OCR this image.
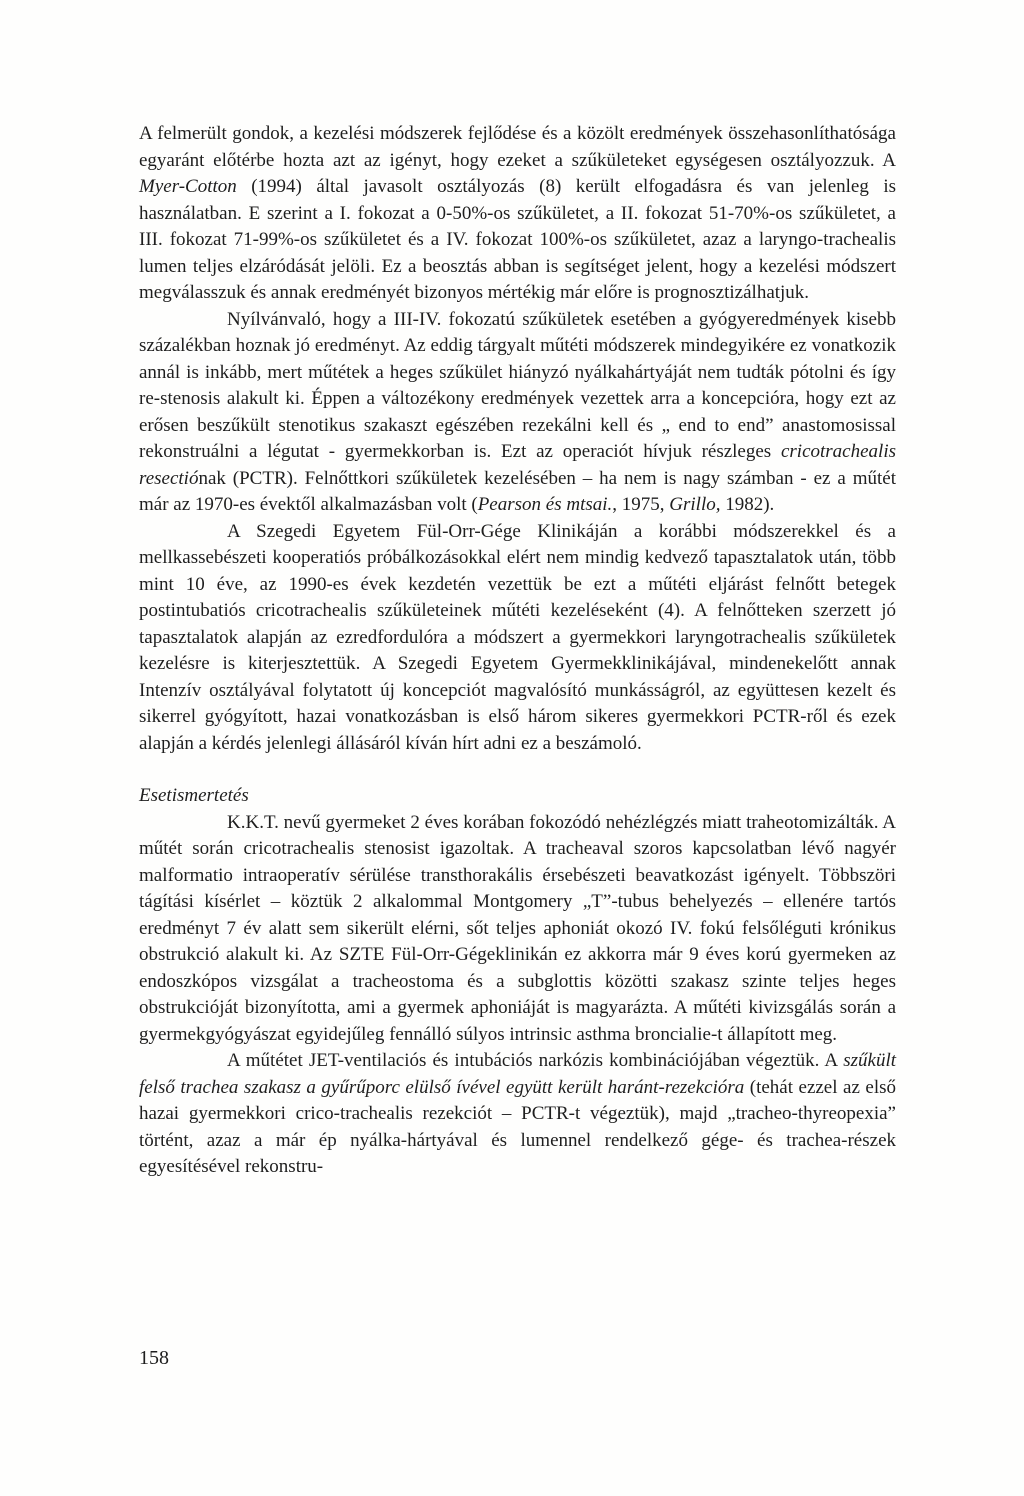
A felmerült gondok, a kezelési módszerek fejlődése és a közölt eredmények összehasonlíthatósága egyaránt előtérbe hozta azt az igényt, hogy ezeket a szűkületeket egységesen osztályozzuk. A Myer-Cotton (1994) által javasolt osztályozás (8) került elfogadásra és van jelenleg is használatban. E szerint a I. fokozat a 0-50%-os szűkületet, a II. fokozat 51-70%-os szűkületet, a III. fokozat 71-99%-os szűkületet és a IV. fokozat 100%-os szűkületet, azaz a laryngo-trachealis lumen teljes elzáródását jelöli. Ez a beosztás abban is segítséget jelent, hogy a kezelési módszert megválasszuk és annak eredményét bizonyos mértékig már előre is prognosztizálhatjuk.

Nyílvánvaló, hogy a III-IV. fokozatú szűkületek esetében a gyógyeredmények kisebb százalékban hoznak jó eredményt. Az eddig tárgyalt műtéti módszerek mindegyikére ez vonatkozik annál is inkább, mert műtétek a heges szűkület hiányzó nyálkahártyáját nem tudták pótolni és így re-stenosis alakult ki. Éppen a változékony eredmények vezettek arra a koncepcióra, hogy ezt az erősen beszűkült stenotikus szakaszt egészében rezekálni kell és „ end to end” anastomosissal rekonstruálni a légutat - gyermekkorban is. Ezt az operaciót hívjuk részleges cricotrachealis resectiónak (PCTR). Felnőttkori szűkületek kezelésében – ha nem is nagy számban - ez a műtét már az 1970-es évektől alkalmazásban volt (Pearson és mtsai., 1975, Grillo, 1982).

A Szegedi Egyetem Fül-Orr-Gége Klinikáján a korábbi módszerekkel és a mellkassebészeti kooperatiós próbálkozásokkal elért nem mindig kedvező tapasztalatok után, több mint 10 éve, az 1990-es évek kezdetén vezettük be ezt a műtéti eljárást felnőtt betegek postintubatiós cricotrachealis szűkületeinek műtéti kezeléseként (4). A felnőtteken szerzett jó tapasztalatok alapján az ezredfordulóra a módszert a gyermekkori laryngotrachealis szűkületek kezelésre is kiterjesztettük. A Szegedi Egyetem Gyermekklinikájával, mindenekelőtt annak Intenzív osztályával folytatott új koncepciót magvalósító munkásságról, az együttesen kezelt és sikerrel gyógyított, hazai vonatkozásban is első három sikeres gyermekkori PCTR-ről és ezek alapján a kérdés jelenlegi állásáról kíván hírt adni ez a beszámoló.

Esetismertetés

K.K.T. nevű gyermeket 2 éves korában fokozódó nehézlégzés miatt traheotomizálták. A műtét során cricotrachealis stenosist igazoltak. A tracheaval szoros kapcsolatban lévő nagyér malformatio intraoperatív sérülése transthorakális érsebészeti beavatkozást igényelt. Többszöri tágítási kísérlet – köztük 2 alkalommal Montgomery „T”-tubus behelyezés – ellenére tartós eredményt 7 év alatt sem sikerült elérni, sőt teljes aphoniát okozó IV. fokú felsőléguti krónikus obstrukció alakult ki. Az SZTE Fül-Orr-Gégeklinikán ez akkorra már 9 éves korú gyermeken az endoszkópos vizsgálat a tracheostoma és a subglottis közötti szakasz szinte teljes heges obstrukcióját bizonyította, ami a gyermek aphoniáját is magyarázta. A műtéti kivizsgálás során a gyermekgyógyászat egyidejűleg fennálló súlyos intrinsic asthma broncialie-t állapított meg.

A műtétet JET-ventilaciós és intubációs narkózis kombinációjában végeztük. A szűkült felső trachea szakasz a gyűrűporc elülső ívével együtt került haránt-rezekcióra (tehát ezzel az első hazai gyermekkori crico-trachealis rezekciót – PCTR-t végeztük), majd „tracheo-thyreopexia” történt, azaz a már ép nyálka-hártyával és lumennel rendelkező gége- és trachea-részek egyesítésével rekonstru-

158
